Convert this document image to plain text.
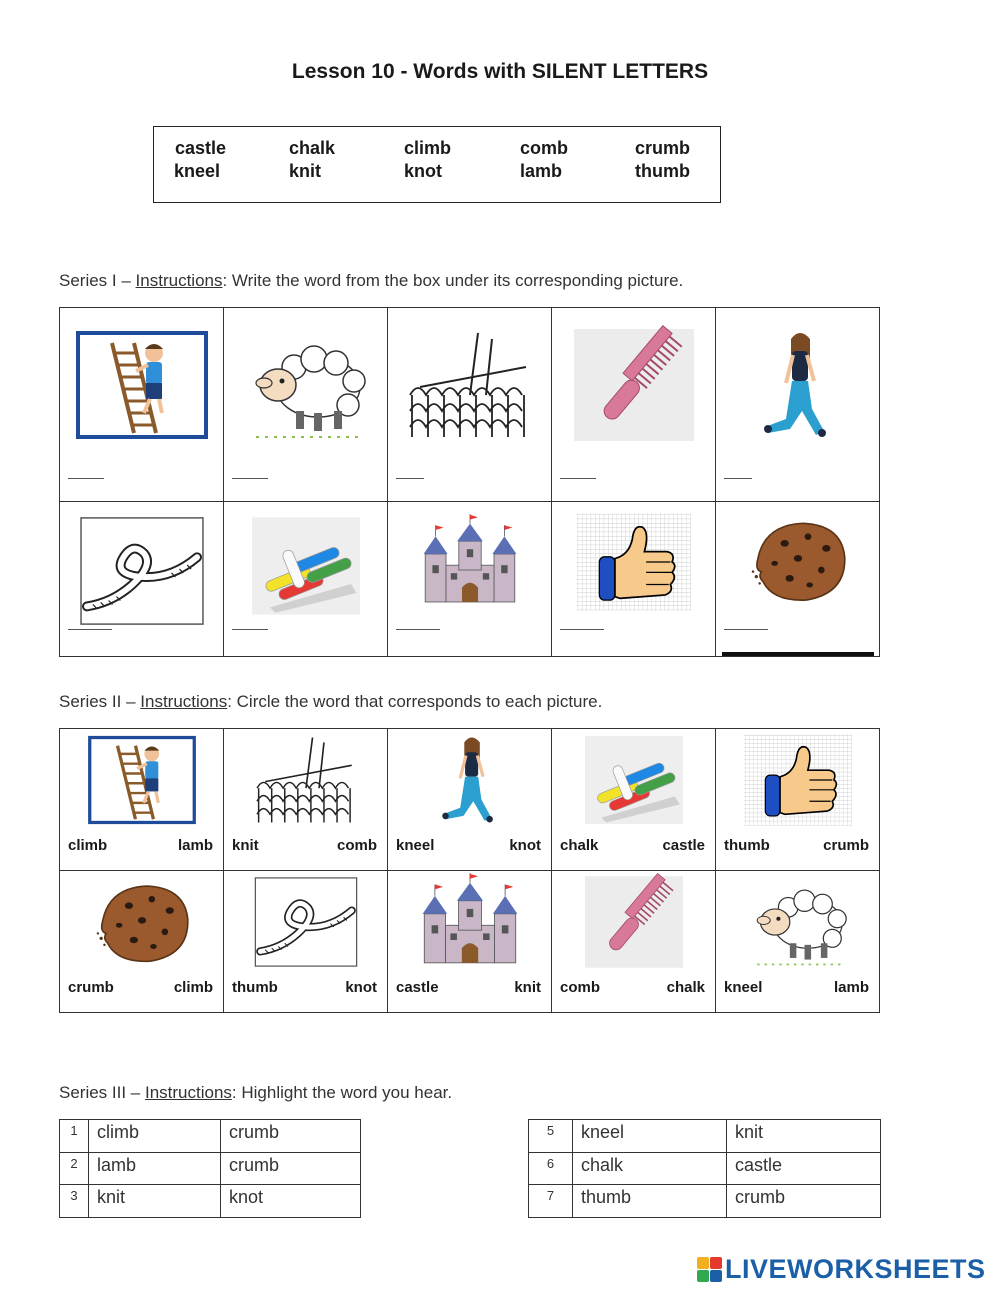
Lesson 10 - Words with SILENT LETTERS
castle	chalk	climb	comb	crumb
kneel	knit	knot	lamb	thumb
Series I – Instructions: Write the word from the box under its corresponding picture.

Series II – Instructions: Circle the word that corresponds to each picture.
climb lamb	knit comb	kneel knot	chalk castle	thumb crumb

crumb climb	thumb knot	castle knit	comb chalk	kneel lamb
Series III – Instructions: Highlight the word you hear.
1	climb	crumb
2	lamb	crumb
3	knit	knot
5	kneel	knit
6	chalk	castle
7	thumb	crumb
LIVEWORKSHEETS
